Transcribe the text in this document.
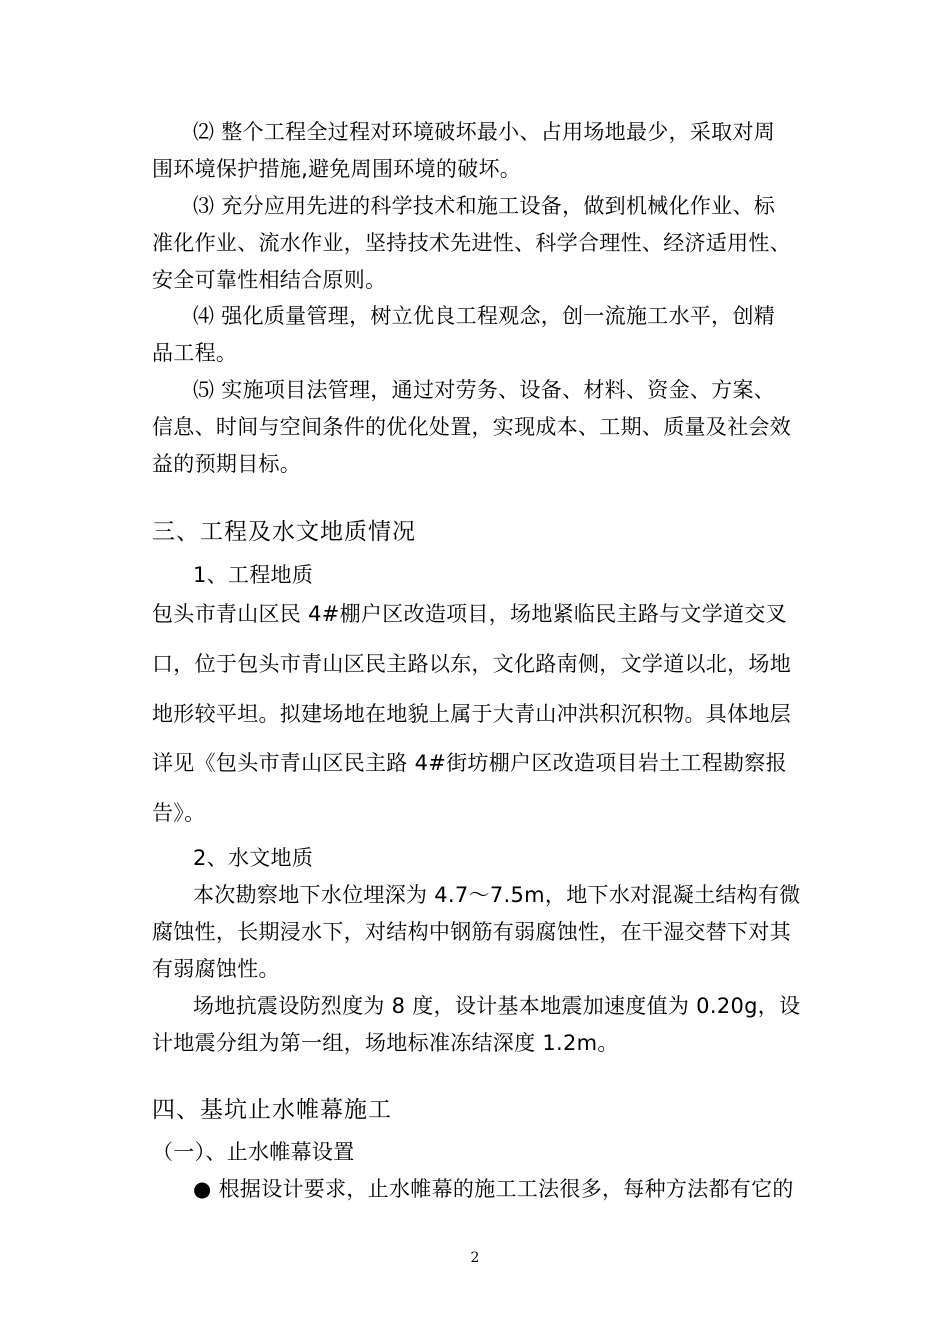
⑵ 整个工程全过程对环境破坏最小、占用场地最少，采取对周
围环境保护措施,避免周围环境的破坏。
⑶ 充分应用先进的科学技术和施工设备，做到机械化作业、标
准化作业、流水作业，坚持技术先进性、科学合理性、经济适用性、
安全可靠性相结合原则。
⑷ 强化质量管理，树立优良工程观念，创一流施工水平，创精
品工程。
⑸ 实施项目法管理，通过对劳务、设备、材料、资金、方案、
信息、时间与空间条件的优化处置，实现成本、工期、质量及社会效
益的预期目标。
三、工程及水文地质情况
1、工程地质
包头市青山区民 4#棚户区改造项目，场地紧临民主路与文学道交叉
口，位于包头市青山区民主路以东，文化路南侧，文学道以北，场地
地形较平坦。拟建场地在地貌上属于大青山冲洪积沉积物。具体地层
详见《包头市青山区民主路 4#街坊棚户区改造项目岩土工程勘察报
告》。
2、水文地质
本次勘察地下水位埋深为 4.7～7.5m，地下水对混凝土结构有微
腐蚀性，长期浸水下，对结构中钢筋有弱腐蚀性，在干湿交替下对其
有弱腐蚀性。
场地抗震设防烈度为 8 度，设计基本地震加速度值为 0.20g，设
计地震分组为第一组，场地标准冻结深度 1.2m。
四、基坑止水帷幕施工
（一）、止水帷幕设置
● 根据设计要求，止水帷幕的施工工法很多，每种方法都有它的
2
